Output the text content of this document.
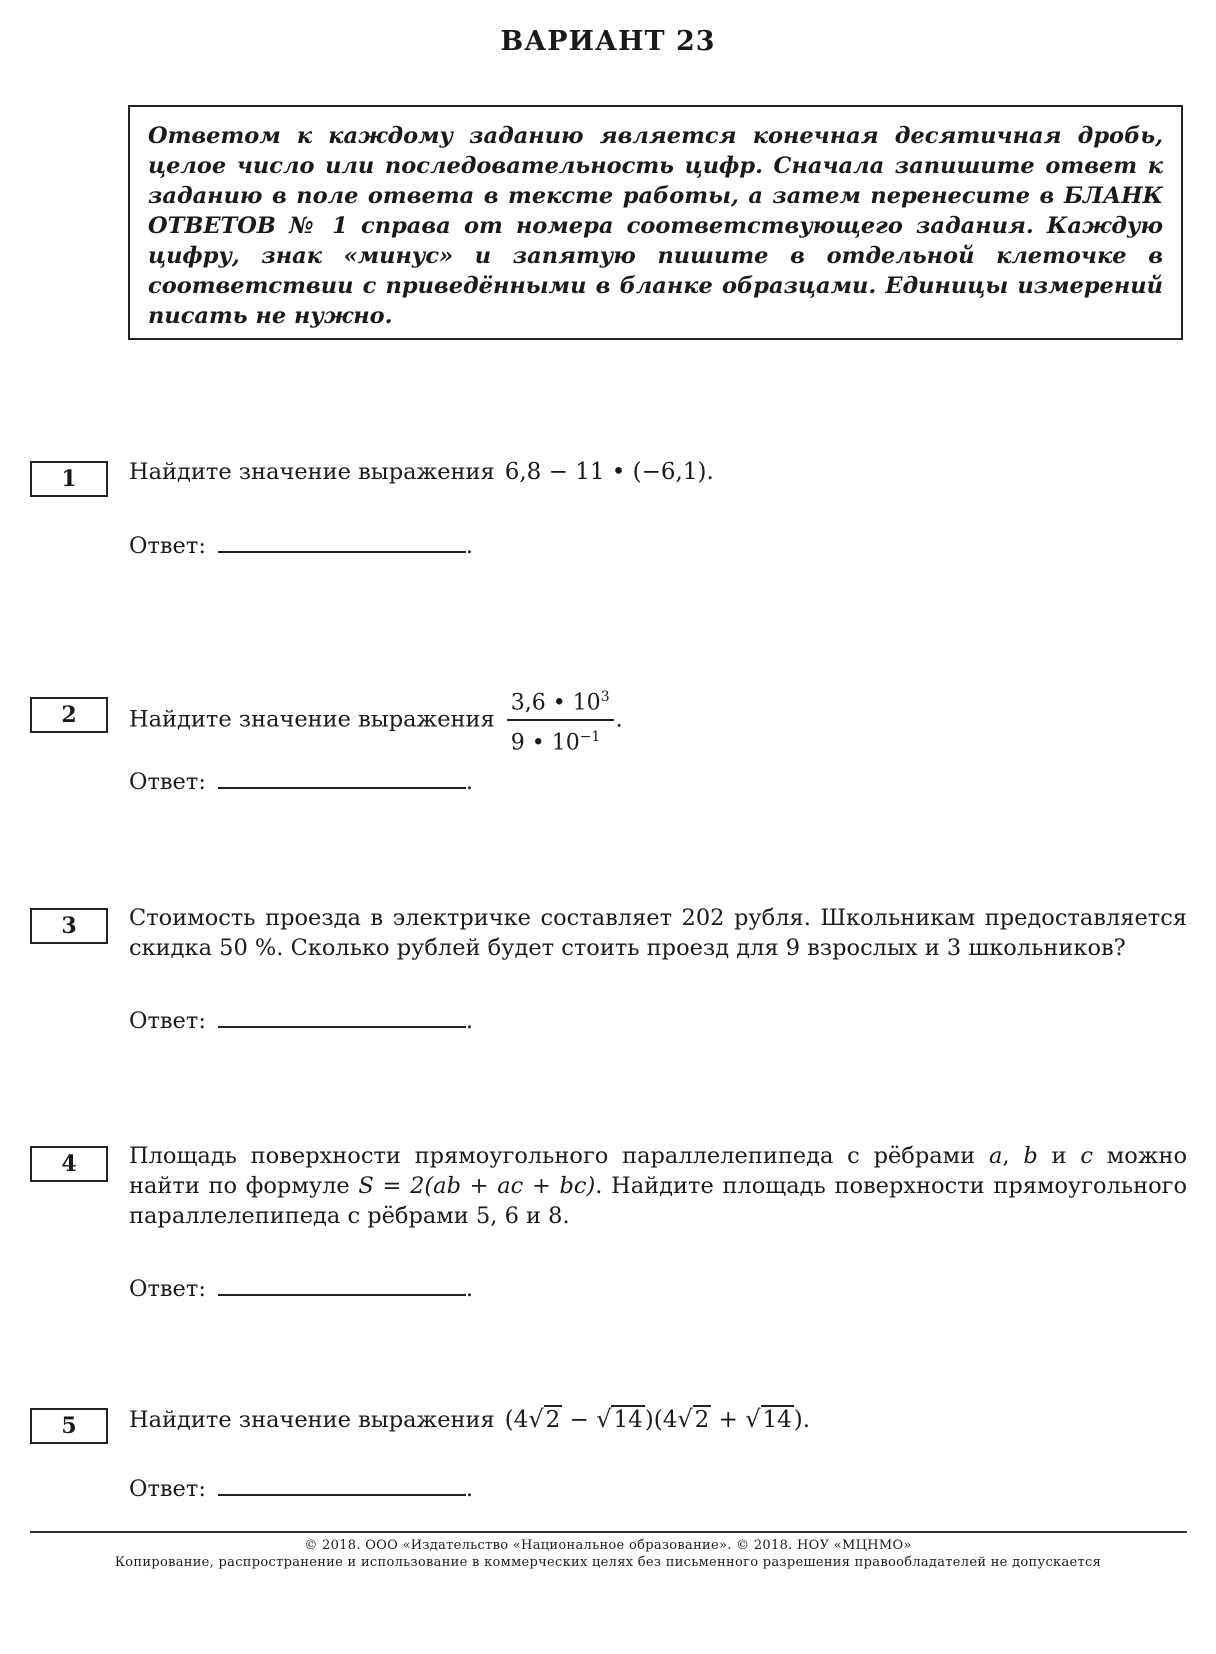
ВАРИАНТ 23
Ответом к каждому заданию является конечная десятичная дробь, целое число или последовательность цифр. Сначала запишите ответ к заданию в поле ответа в тексте работы, а затем перенесите в БЛАНК ОТВЕТОВ № 1 справа от номера соответствующего задания. Каждую цифру, знак «минус» и запятую пишите в отдельной клеточке в соответствии с приведёнными в бланке образцами. Единицы измерений писать не нужно.
1	Найдите значение выражения 6,8 − 11 • (−6,1).
Ответ:	.
2	Найдите значение выражения $\frac{3,6 • 10^3}{9 • 10^{-1}}$ .
Ответ:	.
3	Стоимость проезда в электричке составляет 202 рубля. Школьникам предоставляется скидка 50 %. Сколько рублей будет стоить проезд для 9 взрослых и 3 школьников?
Ответ:	.
4	Площадь поверхности прямоугольного параллелепипеда с рёбрами a, b и c можно найти по формуле S = 2(ab + ac + bc). Найдите площадь поверхности прямоугольного параллелепипеда с рёбрами 5, 6 и 8.
Ответ:	.
5	Найдите значение выражения (4√2 − √14)(4√2 + √14).
Ответ:	.
© 2018. ООО «Издательство «Национальное образование». © 2018. НОУ «МЦНМО»
Копирование, распространение и использование в коммерческих целях без письменного разрешения правообладателей не допускается
